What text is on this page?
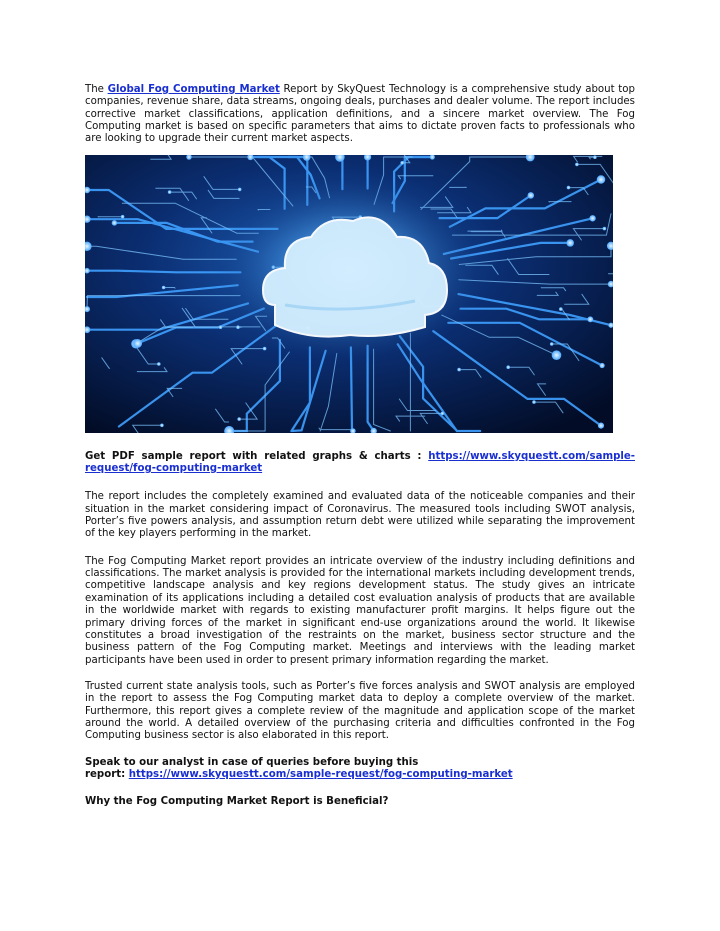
The Global Fog Computing Market Report by SkyQuest Technology is a comprehensive study about top companies, revenue share, data streams, ongoing deals, purchases and dealer volume. The report includes corrective market classifications, application definitions, and a sincere market overview. The Fog Computing market is based on specific parameters that aims to dictate proven facts to professionals who are looking to upgrade their current market aspects.

Get PDF sample report with related graphs & charts : https://www.skyquestt.com/sample-request/fog-computing-market

The report includes the completely examined and evaluated data of the noticeable companies and their situation in the market considering impact of Coronavirus. The measured tools including SWOT analysis, Porter’s five powers analysis, and assumption return debt were utilized while separating the improvement of the key players performing in the market.

The Fog Computing Market report provides an intricate overview of the industry including definitions and classifications. The market analysis is provided for the international markets including development trends, competitive landscape analysis and key regions development status. The study gives an intricate examination of its applications including a detailed cost evaluation analysis of products that are available in the worldwide market with regards to existing manufacturer profit margins. It helps figure out the primary driving forces of the market in significant end-use organizations around the world. It likewise constitutes a broad investigation of the restraints on the market, business sector structure and the business pattern of the Fog Computing market. Meetings and interviews with the leading market participants have been used in order to present primary information regarding the market.

Trusted current state analysis tools, such as Porter’s five forces analysis and SWOT analysis are employed in the report to assess the Fog Computing market data to deploy a complete overview of the market. Furthermore, this report gives a complete review of the magnitude and application scope of the market around the world. A detailed overview of the purchasing criteria and difficulties confronted in the Fog Computing business sector is also elaborated in this report.

Speak to our analyst in case of queries before buying this
report: https://www.skyquestt.com/sample-request/fog-computing-market

Why the Fog Computing Market Report is Beneficial?
